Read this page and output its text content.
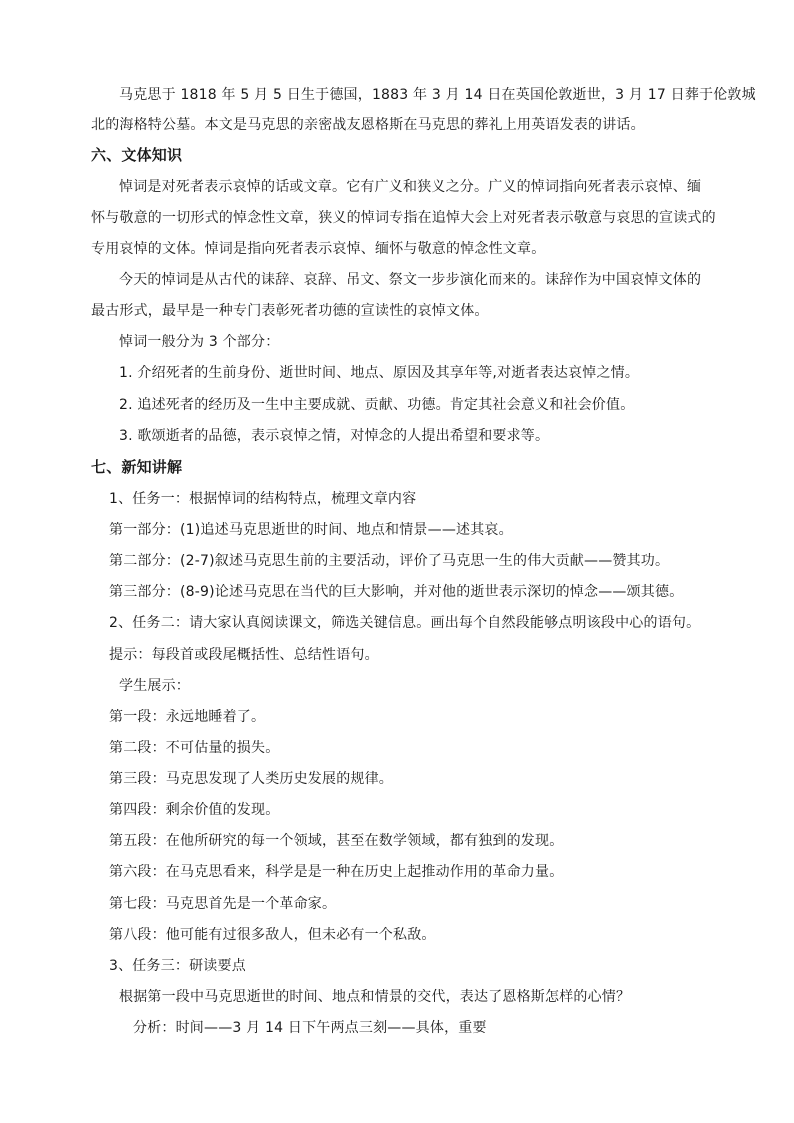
马克思于 1818 年 5 月 5 日生于德国，1883 年 3 月 14 日在英国伦敦逝世，3 月 17 日葬于伦敦城
北的海格特公墓。本文是马克思的亲密战友恩格斯在马克思的葬礼上用英语发表的讲话。
六、文体知识
悼词是对死者表示哀悼的话或文章。它有广义和狭义之分。广义的悼词指向死者表示哀悼、缅
怀与敬意的一切形式的悼念性文章，狭义的悼词专指在追悼大会上对死者表示敬意与哀思的宣读式的
专用哀悼的文体。悼词是指向死者表示哀悼、缅怀与敬意的悼念性文章。
今天的悼词是从古代的诔辞、哀辞、吊文、祭文一步步演化而来的。诔辞作为中国哀悼文体的
最古形式，最早是一种专门表彰死者功德的宣读性的哀悼文体。
悼词一般分为 3 个部分：
1. 介绍死者的生前身份、逝世时间、地点、原因及其享年等,对逝者表达哀悼之情。
2. 追述死者的经历及一生中主要成就、贡献、功德。肯定其社会意义和社会价值。
3. 歌颂逝者的品德，表示哀悼之情，对悼念的人提出希望和要求等。
七、新知讲解
1、任务一：根据悼词的结构特点，梳理文章内容
第一部分：(1)追述马克思逝世的时间、地点和情景——述其哀。
第二部分：(2-7)叙述马克思生前的主要活动，评价了马克思一生的伟大贡献——赞其功。
第三部分：(8-9)论述马克思在当代的巨大影响，并对他的逝世表示深切的悼念——颂其德。
2、任务二：请大家认真阅读课文，筛选关键信息。画出每个自然段能够点明该段中心的语句。
提示：每段首或段尾概括性、总结性语句。
学生展示：
第一段：永远地睡着了。
第二段：不可估量的损失。
第三段：马克思发现了人类历史发展的规律。
第四段：剩余价值的发现。
第五段：在他所研究的每一个领域，甚至在数学领域，都有独到的发现。
第六段：在马克思看来，科学是是一种在历史上起推动作用的革命力量。
第七段：马克思首先是一个革命家。
第八段：他可能有过很多敌人，但未必有一个私敌。
3、任务三：研读要点
根据第一段中马克思逝世的时间、地点和情景的交代，表达了恩格斯怎样的心情？
分析：时间——3 月 14 日下午两点三刻——具体，重要
